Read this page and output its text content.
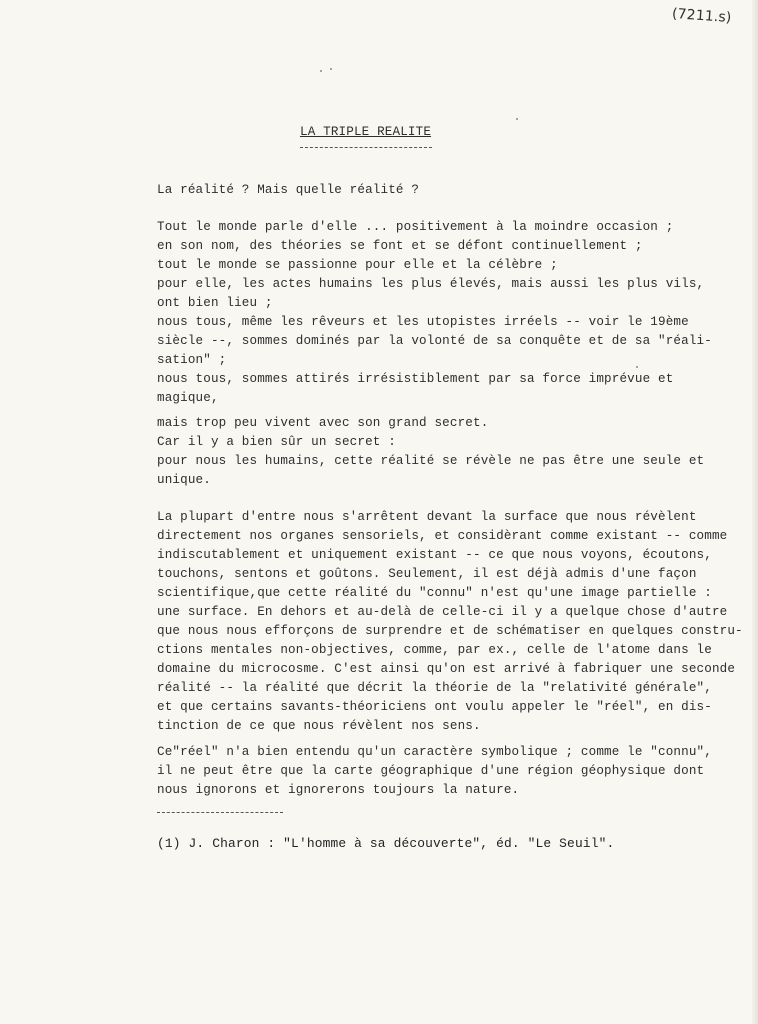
(7211.s)
LA TRIPLE REALITE

La réalité ? Mais quelle réalité ?

Tout le monde parle d'elle ... positivement à la moindre occasion ;

en son nom, des théories se font et se défont continuellement ;

tout le monde se passionne pour elle et la célèbre ;

pour elle, les actes humains les plus élevés, mais aussi les plus vils,

ont bien lieu ;

nous tous, même les rêveurs et les utopistes irréels -- voir le 19ème

siècle --, sommes dominés par la volonté de sa conquête et de sa "réali-

sation" ;

nous tous, sommes attirés irrésistiblement par sa force imprévue et

magique,

mais trop peu vivent avec son grand secret.

Car il y a bien sûr un secret :

pour nous les humains, cette réalité se révèle ne pas être une seule et

unique.

La plupart d'entre nous s'arrêtent devant la surface que nous révèlent

directement nos organes sensoriels, et considèrant comme existant -- comme

indiscutablement et uniquement existant -- ce que nous voyons, écoutons,

touchons, sentons et goûtons. Seulement, il est déjà admis d'une façon

scientifique,que cette réalité du "connu" n'est qu'une image partielle :

une surface. En dehors et au-delà de celle-ci il y a quelque chose d'autre

que nous nous efforçons de surprendre et de schématiser en quelques constru-

ctions mentales non-objectives, comme, par ex., celle de l'atome dans le

domaine du microcosme. C'est ainsi qu'on est arrivé à fabriquer une seconde

réalité -- la réalité que décrit la théorie de la "relativité générale",

et que certains savants-théoriciens ont voulu appeler le "réel", en dis-

tinction de ce que nous révèlent nos sens.

Ce"réel" n'a bien entendu qu'un caractère symbolique ; comme le "connu",

il ne peut être que la carte géographique d'une région géophysique dont

nous ignorons et ignorerons toujours la nature.

(1) J. Charon : "L'homme à sa découverte", éd. "Le Seuil".
